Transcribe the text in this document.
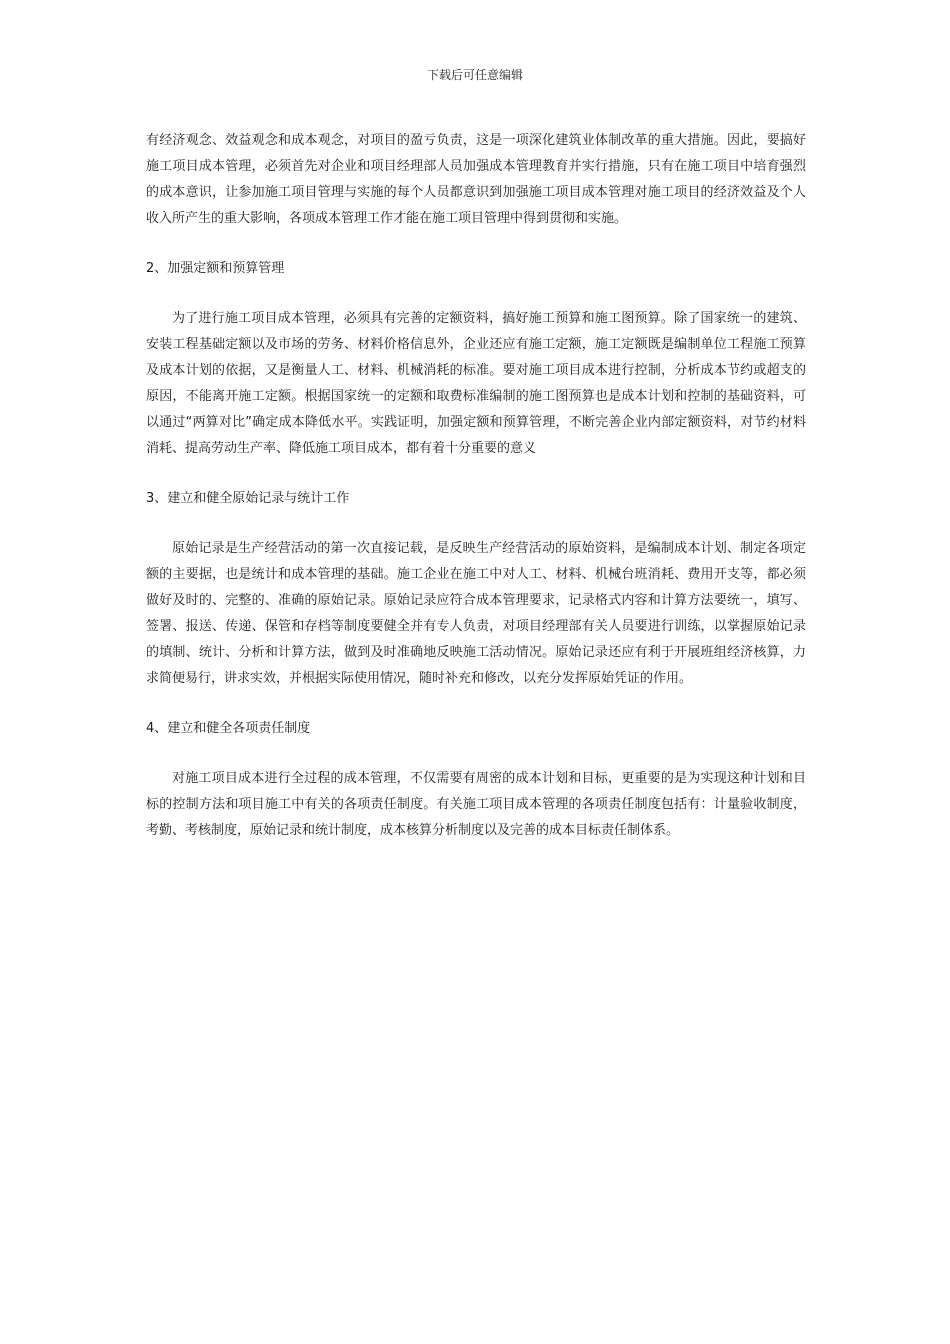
下载后可任意编辑

有经济观念、效益观念和成本观念，对项目的盈亏负责，这是一项深化建筑业体制改革的重大措施。因此，要搞好施工项目成本管理，必须首先对企业和项目经理部人员加强成本管理教育并实行措施，只有在施工项目中培育强烈的成本意识，让参加施工项目管理与实施的每个人员都意识到加强施工项目成本管理对施工项目的经济效益及个人收入所产生的重大影响，各项成本管理工作才能在施工项目管理中得到贯彻和实施。

2、加强定额和预算管理

为了进行施工项目成本管理，必须具有完善的定额资料，搞好施工预算和施工图预算。除了国家统一的建筑、安装工程基础定额以及市场的劳务、材料价格信息外，企业还应有施工定额，施工定额既是编制单位工程施工预算及成本计划的依据，又是衡量人工、材料、机械消耗的标准。要对施工项目成本进行控制，分析成本节约或超支的原因，不能离开施工定额。根据国家统一的定额和取费标准编制的施工图预算也是成本计划和控制的基础资料，可以通过“两算对比”确定成本降低水平。实践证明，加强定额和预算管理，不断完善企业内部定额资料，对节约材料消耗、提高劳动生产率、降低施工项目成本，都有着十分重要的意义

3、建立和健全原始记录与统计工作

原始记录是生产经营活动的第一次直接记载，是反映生产经营活动的原始资料，是编制成本计划、制定各项定额的主要据，也是统计和成本管理的基础。施工企业在施工中对人工、材料、机械台班消耗、费用开支等，都必须做好及时的、完整的、准确的原始记录。原始记录应符合成本管理要求，记录格式内容和计算方法要统一，填写、签署、报送、传递、保管和存档等制度要健全并有专人负责，对项目经理部有关人员要进行训练，以掌握原始记录的填制、统计、分析和计算方法，做到及时准确地反映施工活动情况。原始记录还应有利于开展班组经济核算，力求简便易行，讲求实效，并根据实际使用情况，随时补充和修改，以充分发挥原始凭证的作用。

4、建立和健全各项责任制度

对施工项目成本进行全过程的成本管理，不仅需要有周密的成本计划和目标，更重要的是为实现这种计划和目标的控制方法和项目施工中有关的各项责任制度。有关施工项目成本管理的各项责任制度包括有：计量验收制度，考勤、考核制度，原始记录和统计制度，成本核算分析制度以及完善的成本目标责任制体系。
